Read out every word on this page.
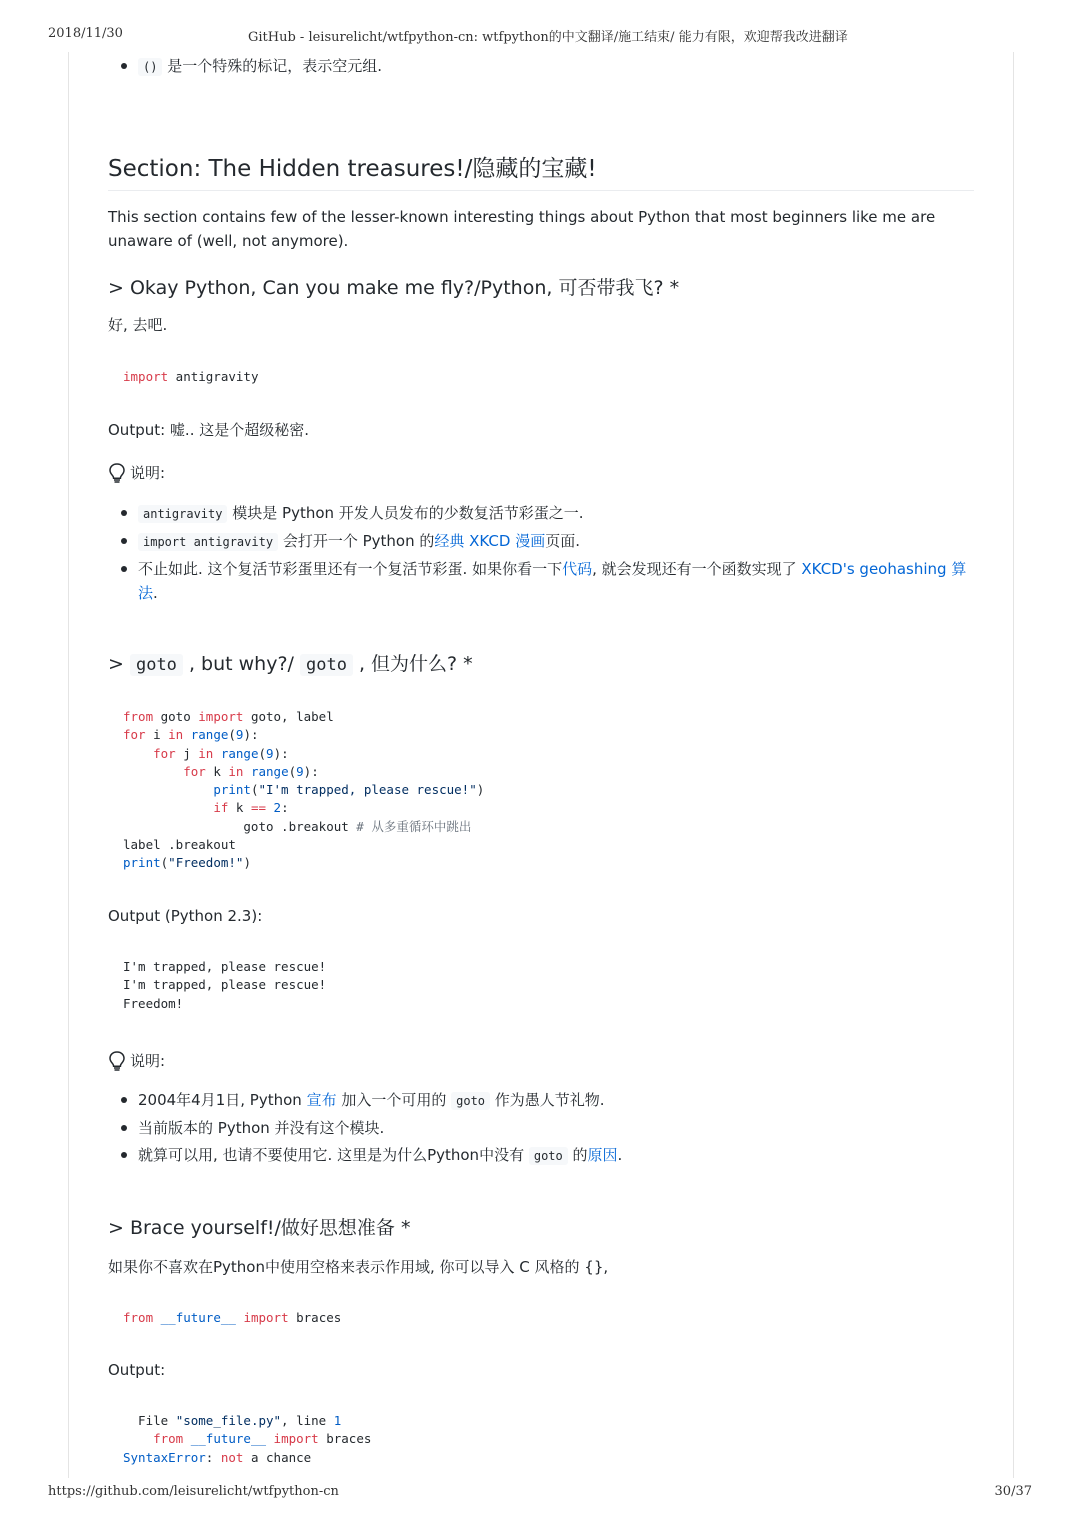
2018/11/30	GitHub - leisurelicht/wtfpython-cn: wtfpython的中文翻译/施工结束/ 能力有限，欢迎帮我改进翻译
() 是一个特殊的标记，表示空元组.
Section: The Hidden treasures!/隐藏的宝藏!
This section contains few of the lesser-known interesting things about Python that most beginners like me are unaware of (well, not anymore).
> Okay Python, Can you make me fly?/Python, 可否带我飞? *
好, 去吧.
import antigravity
Output: 嘘.. 这是个超级秘密.
说明:
antigravity 模块是 Python 开发人员发布的少数复活节彩蛋之一.
import antigravity 会打开一个 Python 的经典 XKCD 漫画页面.
不止如此. 这个复活节彩蛋里还有一个复活节彩蛋. 如果你看一下代码, 就会发现还有一个函数实现了 XKCD's geohashing 算法.
> goto , but why?/ goto , 但为什么? *
from goto import goto, label
for i in range(9):
for j in range(9):
for k in range(9):
print("I'm trapped, please rescue!")
if k == 2:
goto .breakout # 从多重循环中跳出
label .breakout
print("Freedom!")
Output (Python 2.3):
I'm trapped, please rescue!
I'm trapped, please rescue!
Freedom!
说明:
2004年4月1日, Python 宣布 加入一个可用的 goto 作为愚人节礼物.
当前版本的 Python 并没有这个模块.
就算可以用, 也请不要使用它. 这里是为什么Python中没有 goto 的原因.
> Brace yourself!/做好思想准备 *
如果你不喜欢在Python中使用空格来表示作用域, 你可以导入 C 风格的 {},
from __future__ import braces
Output:
File "some_file.py", line 1
from __future__ import braces
SyntaxError: not a chance
https://github.com/leisurelicht/wtfpython-cn	30/37
